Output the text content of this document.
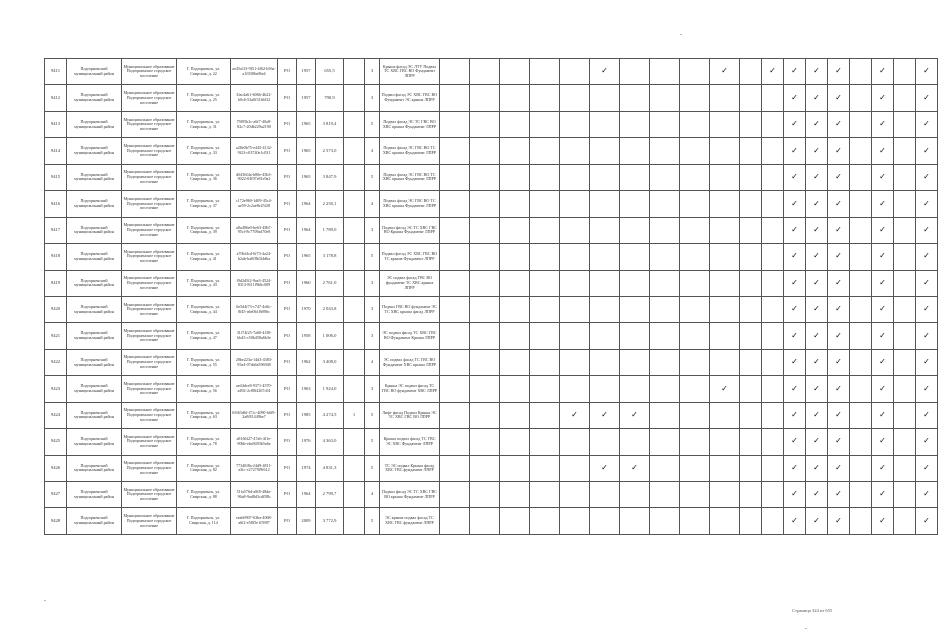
9411	Подгорненский муниципальный район	Муниципальное образование Подгорненское городское поселение	Г. Подгорненск, ул. Свирская, д. 22	ae45a1f3-9f51-4f62-b56a-a1f0386a06e4	РО	1957	655,5		3	Крыша фасад ЭС ЛТУ Подвал ТС ХВС ГВС ВО Фундамент ЛПРР						✓				✓		✓	✓	✓	✓		✓		✓
9412	Подгорненский муниципальный район	Муниципальное образование Подгорненское городское поселение	Г. Подгорненск, ул. Свирская, д. 25	3fac4a61-6066-4b22-b0c6-52a0f31b6f32	РО	1957	790,9		3	Подвал фасад ЭС ХВС ГВС ВО Фундамент ЭС крыша ЛПРР													✓	✓	✓		✓		✓
9413	Подгорненский муниципальный район	Муниципальное образование Подгорненское городское поселение	Г. Подгорненск, ул. Свирская, д. 31	79f95b2c-a6f7-40a8-82c7-20db229a2190	РО	1965	3 819,4		5	Подвал фасад ЭС ТС ГВС ВО ХВС крыша Фундамент ЛПРР													✓	✓	✓		✓		✓
9414	Подгорненский муниципальный район	Муниципальное образование Подгорненское городское поселение	Г. Подгорненск, ул. Свирская, д. 33	a28e0b75-e445-4132-9f23-c03740e1c031	РО	1965	2 573,0		4	Подвал фасад ЭС ГВС ВО ТС ХВС крыша Фундамент ЛПРР													✓	✓	✓		✓		✓
9415	Подгорненский муниципальный район	Муниципальное образование Подгорненское городское поселение	Г. Подгорненск, ул. Свирская, д. 36	d0436f4a-b80e-45b3-9022-04f97e81e9a2	РО	1965	3 847,9		5	Подвал фасад ЭС ГВС ВО ТС ХВС крыша Фундамент ЛПРР													✓	✓	✓		✓		✓
9416	Подгорненский муниципальный район	Муниципальное образование Подгорненское городское поселение	Г. Подгорненск, ул. Свирская, д. 37	c172e960-1d09-45c4-ae59-2c2ae8e25f28	РО	1964	2 250,1		4	Подвал фасад ЭС ГВС ВО ТС ХВС крыша Фундамент ЛПРР													✓	✓	✓		✓		✓
9417	Подгорненский муниципальный район	Муниципальное образование Подгорненское городское поселение	Г. Подгорненск, ул. Свирская, д. 39	a8a496e0-be63-48b7-95cf-8c7709ad70e8	РО	1964	1 789,0		3	Подвал фасад ЭС ТС ХВС ГВС ВО Крыша Фундамент ЛПРР													✓	✓	✓		✓		✓
9418	Подгорненский муниципальный район	Муниципальное образование Подгорненское городское поселение	Г. Подгорненск, ул. Свирская, д. 41	a70bf4cd-6f73-4a24-b2ab-ba0f8b3f4dba	РО	1965	3 178,8		5	Подвал фасад ЭС ХВС ГВС ВО ТС крыша Фундамент ЛПРР													✓	✓	✓		✓		✓
9419	Подгорненский муниципальный район	Муниципальное образование Подгорненское городское поселение	Г. Подгорненск, ул. Свирская, д. 43	f9d2d5f2-9ae3-4524-8313-8f11f9b6c009	РО	1960	2 761,0		3	ЭС подвал фасад ГВС ВО фундамент ТС ХВС крыша ЛПРР													✓	✓	✓		✓		✓
9420	Подгорненский муниципальный район	Муниципальное образование Подгорненское городское поселение	Г. Подгорненск, ул. Свирская, д. 44	6e5d4f73-c747-4d4c-8f45-a6e0b1f6086c	РО	1970	2 043,8		3	Подвал ГВС ВО фундамент ЭС ТС ХВС крыша фасад ЛПРР													✓	✓	✓		✓		✓
9421	Подгорненский муниципальный район	Муниципальное образование Подгорненское городское поселение	Г. Подгорненск, ул. Свирская, д. 47	31f74f25-7a60-4f38-bb43-c50b458a6b3e	РО	1958	1 006,0		3	ЭС подвал фасад ТС ХВС ГВС ВО Фундамент Крыша ЛПРР													✓	✓	✓		✓		✓
9422	Подгорненский муниципальный район	Муниципальное образование Подгорненское городское поселение	Г. Подгорненск, ул. Свирская, д. 55	28be223a-14d3-4383-95a4-07ab6a596948	РО	1962	3 408,0		4	ЭС подвал фасад ТС ГВС ВО Фундамент ХВС крыша ЛПРР													✓	✓	✓		✓		✓
9423	Подгорненский муниципальный район	Муниципальное образование Подгорненское городское поселение	Г. Подгорненск, ул. Свирская, д. 56	ae44dce8-9371-4570-a492-2c88f4267c04	РО	1963	1 924,0		3	Крыша ЭС подвал фасад ТС ГВС ВО фундамент ХВС ЛПРР										✓			✓	✓	✓		✓		✓
9424	Подгорненский муниципальный район	Муниципальное образование Подгорненское городское поселение	Г. Подгорненск, ул. Свирская, д. 63	65f63d6f-f71c-4090-b6f9-2a0f81449be7	РО	1985	4 274,5	1	5	Лифт фасад Подвал Крыша ЭС ТС ХВС ГВС ВО ЛПРР					✓	✓	✓						✓	✓	✓		✓		✓
9425	Подгорненский муниципальный район	Муниципальное образование Подгорненское городское поселение	Г. Подгорненск, ул. Свирская, д. 78	a8166f27-47a6-4f1e-90bb-eba9493b5a6e	РО	1976	4 363,0		5	Крыша подвал фасад ТС ГВС ЭС ХВС Фундамент ЛПРР													✓	✓	✓		✓		✓
9426	Подгорненский муниципальный район	Муниципальное образование Подгорненское городское поселение	Г. Подгорненск, ул. Свирская, д. 82	77340f8a-24d9-4811-a3fc-c27279f9f612	РО	1974	4 831,3		5	ТС ЭС подвал Крыша фасад ХВС ГВС фундамент ЛПРР						✓	✓						✓	✓	✓		✓		✓
9427	Подгорненский муниципальный район	Муниципальное образование Подгорненское городское поселение	Г. Подгорненск, ул. Свирская, д. 88	51fa576d-a8f8-48da-96a8-9ad8d3cdf58b	РО	1964	2 799,7		4	Подвал фасад ЭС ТС ХВС ГВС ВО крыша Фундамент ЛПРР													✓	✓	✓		✓		✓
9428	Подгорненский муниципальный район	Муниципальное образование Подгорненское городское поселение	Г. Подгорненск, ул. Свирская, д. 114	eeab9907-63ba-4068-a6f2-e58f5e1f5987	РО	2009	3 772,9		5	ЭС крыша подвал фасад ТС ХВС ГВС фундамент ЛПРР													✓	✓	✓		✓		✓
Страница 324 из 655
